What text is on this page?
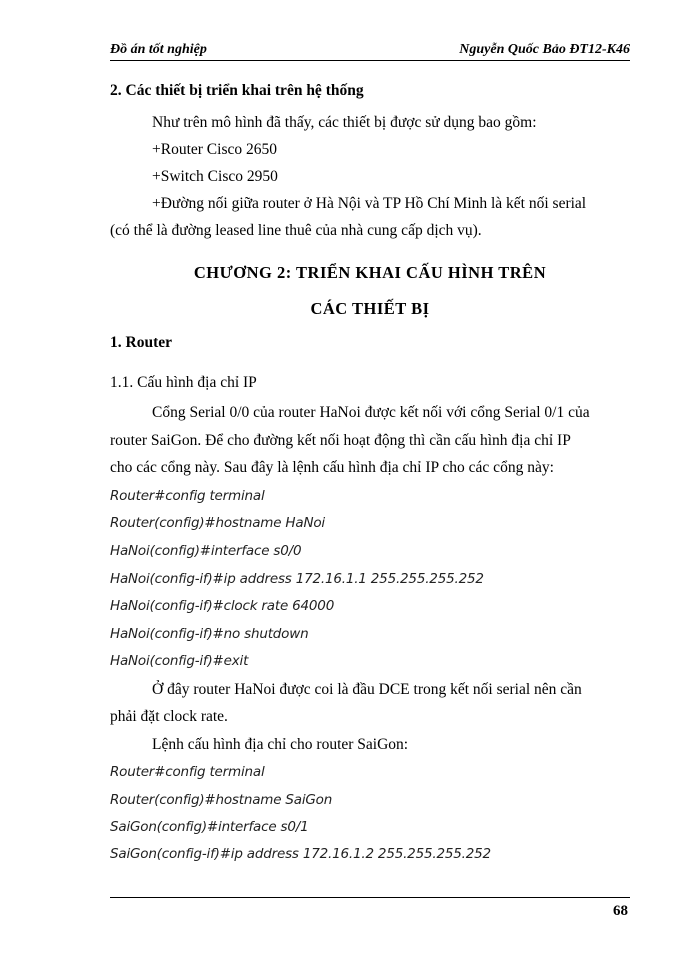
Đồ án tốt nghiệp	Nguyễn Quốc Bảo ĐT12-K46
2. Các thiết bị triển khai trên hệ thống
Như trên mô hình đã thấy, các thiết bị được sử dụng bao gồm:
+Router Cisco 2650
+Switch Cisco 2950
+Đường nối giữa router ở Hà Nội và TP Hồ Chí Minh là kết nối serial
(có thể là đường leased line thuê của nhà cung cấp dịch vụ).
CHƯƠNG 2: TRIỂN KHAI CẤU HÌNH TRÊN
CÁC THIẾT BỊ
1. Router
1.1. Cấu hình địa chỉ IP
Cổng Serial 0/0 của router HaNoi được kết nối với cổng Serial 0/1 của
router SaiGon. Để cho đường kết nối hoạt động thì cần cấu hình địa chỉ IP
cho các cổng này. Sau đây là lệnh cấu hình địa chỉ IP cho các cổng này:
Router#config terminal
Router(config)#hostname HaNoi
HaNoi(config)#interface s0/0
HaNoi(config-if)#ip address 172.16.1.1 255.255.255.252
HaNoi(config-if)#clock rate 64000
HaNoi(config-if)#no shutdown
HaNoi(config-if)#exit
Ở đây router HaNoi được coi là đầu DCE trong kết nối serial nên cần
phải đặt clock rate.
Lệnh cấu hình địa chỉ cho router SaiGon:
Router#config terminal
Router(config)#hostname SaiGon
SaiGon(config)#interface s0/1
SaiGon(config-if)#ip address 172.16.1.2 255.255.255.252
68
